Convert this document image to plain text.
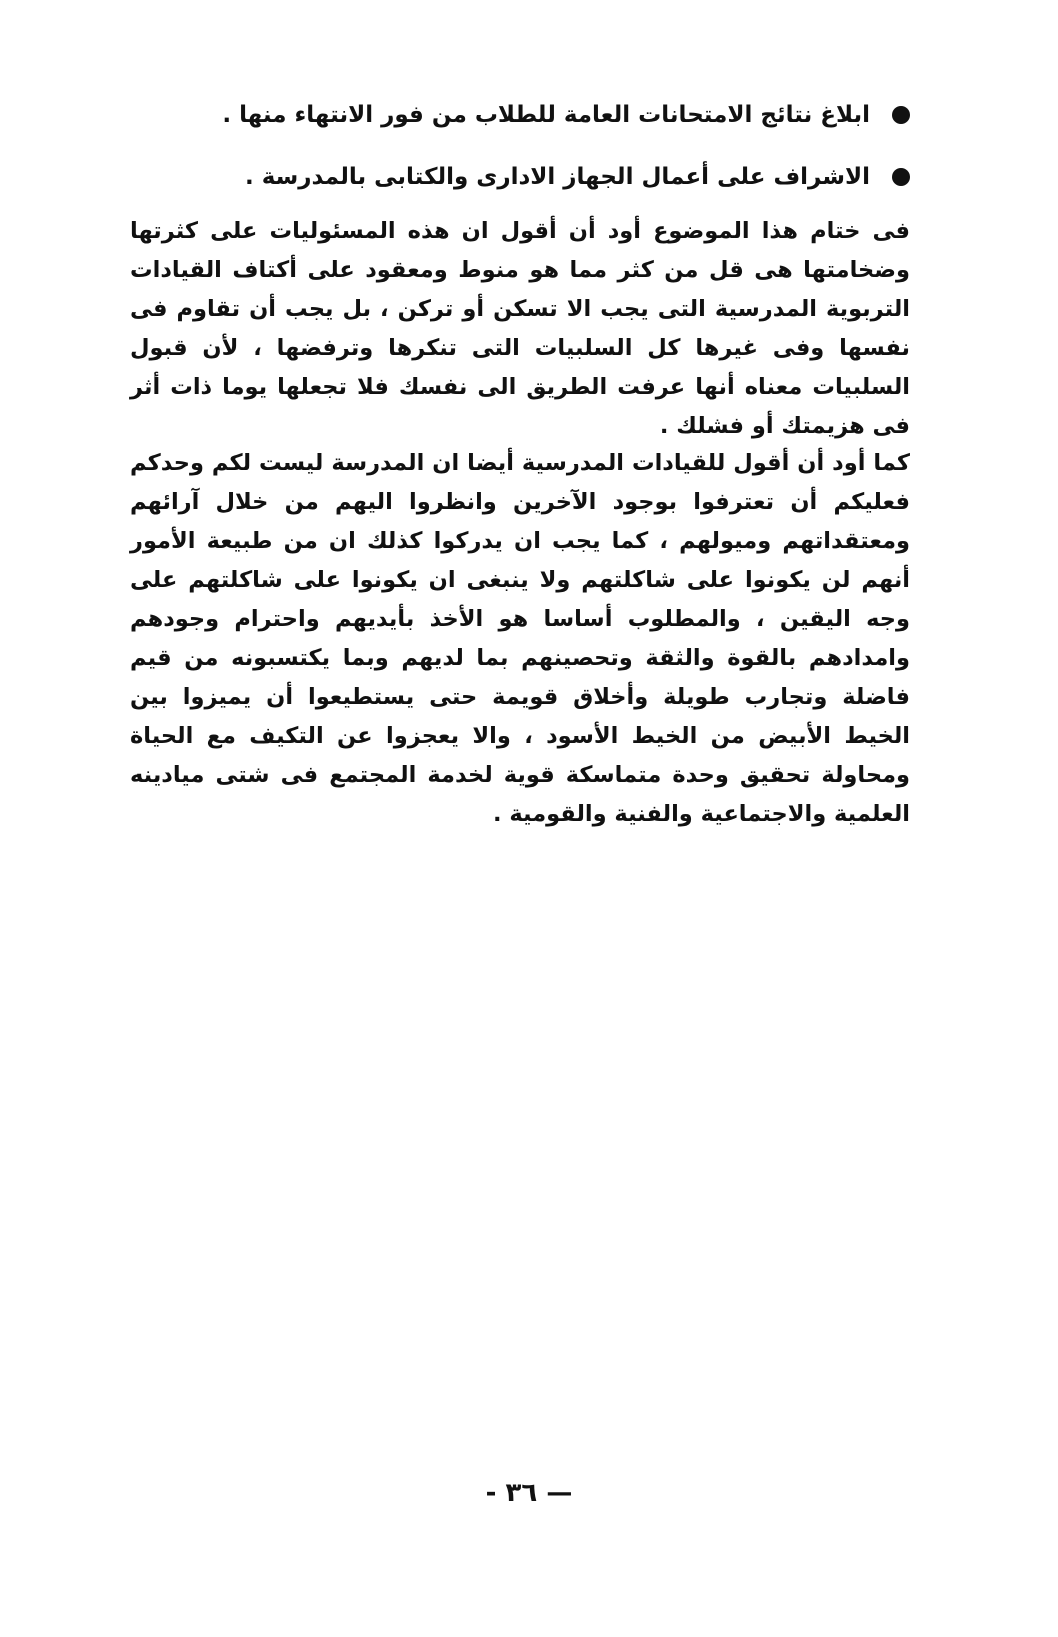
ابلاغ نتائج الامتحانات العامة للطلاب من فور الانتهاء منها .
الاشراف على أعمال الجهاز الادارى والكتابى بالمدرسة .

فى ختام هذا الموضوع أود أن أقول ان هذه المسئوليات على كثرتها وضخامتها هى قل من كثر مما هو منوط ومعقود على أكتاف القيادات التربوية المدرسية التى يجب الا تسكن أو تركن ، بل يجب أن تقاوم فى نفسها وفى غيرها كل السلبيات التى تنكرها وترفضها ، لأن قبول السلبيات معناه أنها عرفت الطريق الى نفسك فلا تجعلها يوما ذات أثر فى هزيمتك أو فشلك .

كما أود أن أقول للقيادات المدرسية أيضا ان المدرسة ليست لكم وحدكم فعليكم أن تعترفوا بوجود الآخرين وانظروا اليهم من خلال آرائهم ومعتقداتهم وميولهم ، كما يجب ان يدركوا كذلك ان من طبيعة الأمور أنهم لن يكونوا على شاكلتهم ولا ينبغى ان يكونوا على شاكلتهم على وجه اليقين ، والمطلوب أساسا هو الأخذ بأيديهم واحترام وجودهم وامدادهم بالقوة والثقة وتحصينهم بما لديهم وبما يكتسبونه من قيم فاضلة وتجارب طويلة وأخلاق قويمة حتى يستطيعوا أن يميزوا بين الخيط الأبيض من الخيط الأسود ، والا يعجزوا عن التكيف مع الحياة ومحاولة تحقيق وحدة متماسكة قوية لخدمة المجتمع فى شتى ميادينه العلمية والاجتماعية والفنية والقومية .

— ٣٦ -
